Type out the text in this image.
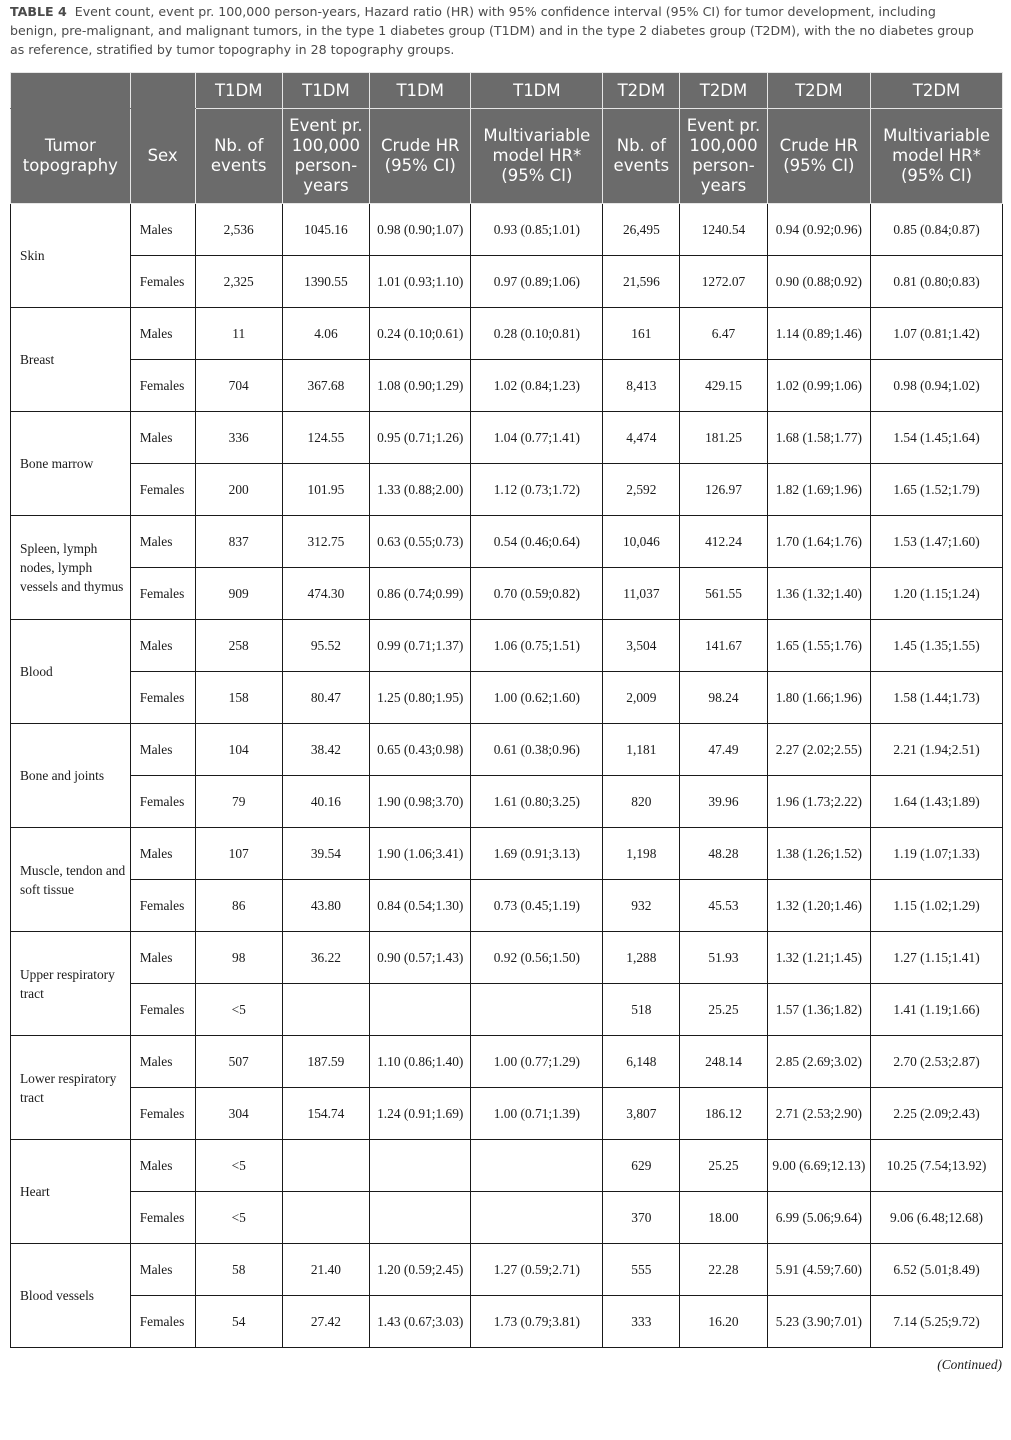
TABLE 4 Event count, event pr. 100,000 person-years, Hazard ratio (HR) with 95% confidence interval (95% CI) for tumor development, including benign, pre-malignant, and malignant tumors, in the type 1 diabetes group (T1DM) and in the type 2 diabetes group (T2DM), with the no diabetes group as reference, stratified by tumor topography in 28 topography groups.
		T1DM	T1DM	T1DM	T1DM	T2DM	T2DM	T2DM	T2DM
Tumor topography	Sex	Nb. of events	Event pr. 100,000 person-years	Crude HR (95% CI)	Multivariable model HR* (95% CI)	Nb. of events	Event pr. 100,000 person-years	Crude HR (95% CI)	Multivariable model HR* (95% CI)
Skin	Males	2,536	1045.16	0.98 (0.90;1.07)	0.93 (0.85;1.01)	26,495	1240.54	0.94 (0.92;0.96)	0.85 (0.84;0.87)
	Females	2,325	1390.55	1.01 (0.93;1.10)	0.97 (0.89;1.06)	21,596	1272.07	0.90 (0.88;0.92)	0.81 (0.80;0.83)
Breast	Males	11	4.06	0.24 (0.10;0.61)	0.28 (0.10;0.81)	161	6.47	1.14 (0.89;1.46)	1.07 (0.81;1.42)
	Females	704	367.68	1.08 (0.90;1.29)	1.02 (0.84;1.23)	8,413	429.15	1.02 (0.99;1.06)	0.98 (0.94;1.02)
Bone marrow	Males	336	124.55	0.95 (0.71;1.26)	1.04 (0.77;1.41)	4,474	181.25	1.68 (1.58;1.77)	1.54 (1.45;1.64)
	Females	200	101.95	1.33 (0.88;2.00)	1.12 (0.73;1.72)	2,592	126.97	1.82 (1.69;1.96)	1.65 (1.52;1.79)
Spleen, lymph nodes, lymph vessels and thymus	Males	837	312.75	0.63 (0.55;0.73)	0.54 (0.46;0.64)	10,046	412.24	1.70 (1.64;1.76)	1.53 (1.47;1.60)
	Females	909	474.30	0.86 (0.74;0.99)	0.70 (0.59;0.82)	11,037	561.55	1.36 (1.32;1.40)	1.20 (1.15;1.24)
Blood	Males	258	95.52	0.99 (0.71;1.37)	1.06 (0.75;1.51)	3,504	141.67	1.65 (1.55;1.76)	1.45 (1.35;1.55)
	Females	158	80.47	1.25 (0.80;1.95)	1.00 (0.62;1.60)	2,009	98.24	1.80 (1.66;1.96)	1.58 (1.44;1.73)
Bone and joints	Males	104	38.42	0.65 (0.43;0.98)	0.61 (0.38;0.96)	1,181	47.49	2.27 (2.02;2.55)	2.21 (1.94;2.51)
	Females	79	40.16	1.90 (0.98;3.70)	1.61 (0.80;3.25)	820	39.96	1.96 (1.73;2.22)	1.64 (1.43;1.89)
Muscle, tendon and soft tissue	Males	107	39.54	1.90 (1.06;3.41)	1.69 (0.91;3.13)	1,198	48.28	1.38 (1.26;1.52)	1.19 (1.07;1.33)
	Females	86	43.80	0.84 (0.54;1.30)	0.73 (0.45;1.19)	932	45.53	1.32 (1.20;1.46)	1.15 (1.02;1.29)
Upper respiratory tract	Males	98	36.22	0.90 (0.57;1.43)	0.92 (0.56;1.50)	1,288	51.93	1.32 (1.21;1.45)	1.27 (1.15;1.41)
	Females	<5				518	25.25	1.57 (1.36;1.82)	1.41 (1.19;1.66)
Lower respiratory tract	Males	507	187.59	1.10 (0.86;1.40)	1.00 (0.77;1.29)	6,148	248.14	2.85 (2.69;3.02)	2.70 (2.53;2.87)
	Females	304	154.74	1.24 (0.91;1.69)	1.00 (0.71;1.39)	3,807	186.12	2.71 (2.53;2.90)	2.25 (2.09;2.43)
Heart	Males	<5				629	25.25	9.00 (6.69;12.13)	10.25 (7.54;13.92)
	Females	<5				370	18.00	6.99 (5.06;9.64)	9.06 (6.48;12.68)
Blood vessels	Males	58	21.40	1.20 (0.59;2.45)	1.27 (0.59;2.71)	555	22.28	5.91 (4.59;7.60)	6.52 (5.01;8.49)
	Females	54	27.42	1.43 (0.67;3.03)	1.73 (0.79;3.81)	333	16.20	5.23 (3.90;7.01)	7.14 (5.25;9.72)
(Continued)
